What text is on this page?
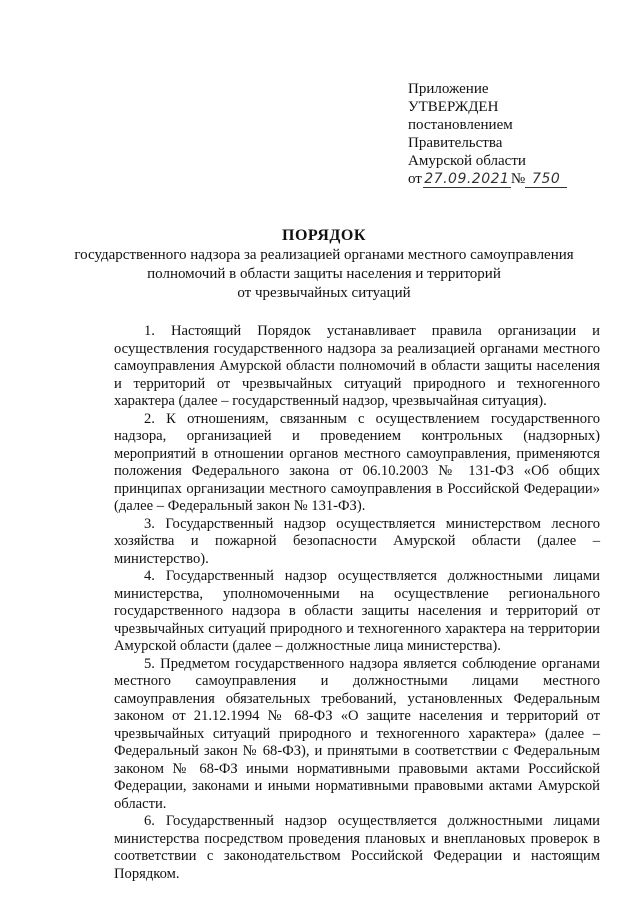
Приложение
УТВЕРЖДЕН
постановлением
Правительства
Амурской области
от 27.09.2021 № 750
ПОРЯДОК
государственного надзора за реализацией органами местного самоуправления
полномочий в области защиты населения и территорий
от чрезвычайных ситуаций

1. Настоящий Порядок устанавливает правила организации и осуществления государственного надзора за реализацией органами местного самоуправления Амурской области полномочий в области защиты населения и территорий от чрезвычайных ситуаций природного и техногенного характера (далее – государственный надзор, чрезвычайная ситуация).

2. К отношениям, связанным с осуществлением государственного надзора, организацией и проведением контрольных (надзорных) мероприятий в отношении органов местного самоуправления, применяются положения Федерального закона от 06.10.2003 № 131-ФЗ «Об общих принципах организации местного самоуправления в Российской Федерации» (далее – Федеральный закон № 131-ФЗ).

3. Государственный надзор осуществляется министерством лесного хозяйства и пожарной безопасности Амурской области (далее – министерство).

4. Государственный надзор осуществляется должностными лицами министерства, уполномоченными на осуществление регионального государственного надзора в области защиты населения и территорий от чрезвычайных ситуаций природного и техногенного характера на территории Амурской области (далее – должностные лица министерства).

5. Предметом государственного надзора является соблюдение органами местного самоуправления и должностными лицами местного самоуправления обязательных требований, установленных Федеральным законом от 21.12.1994 № 68-ФЗ «О защите населения и территорий от чрезвычайных ситуаций природного и техногенного характера» (далее – Федеральный закон № 68-ФЗ), и принятыми в соответствии с Федеральным законом № 68-ФЗ иными нормативными правовыми актами Российской Федерации, законами и иными нормативными правовыми актами Амурской области.

6. Государственный надзор осуществляется должностными лицами министерства посредством проведения плановых и внеплановых проверок в соответствии с законодательством Российской Федерации и настоящим Порядком.
